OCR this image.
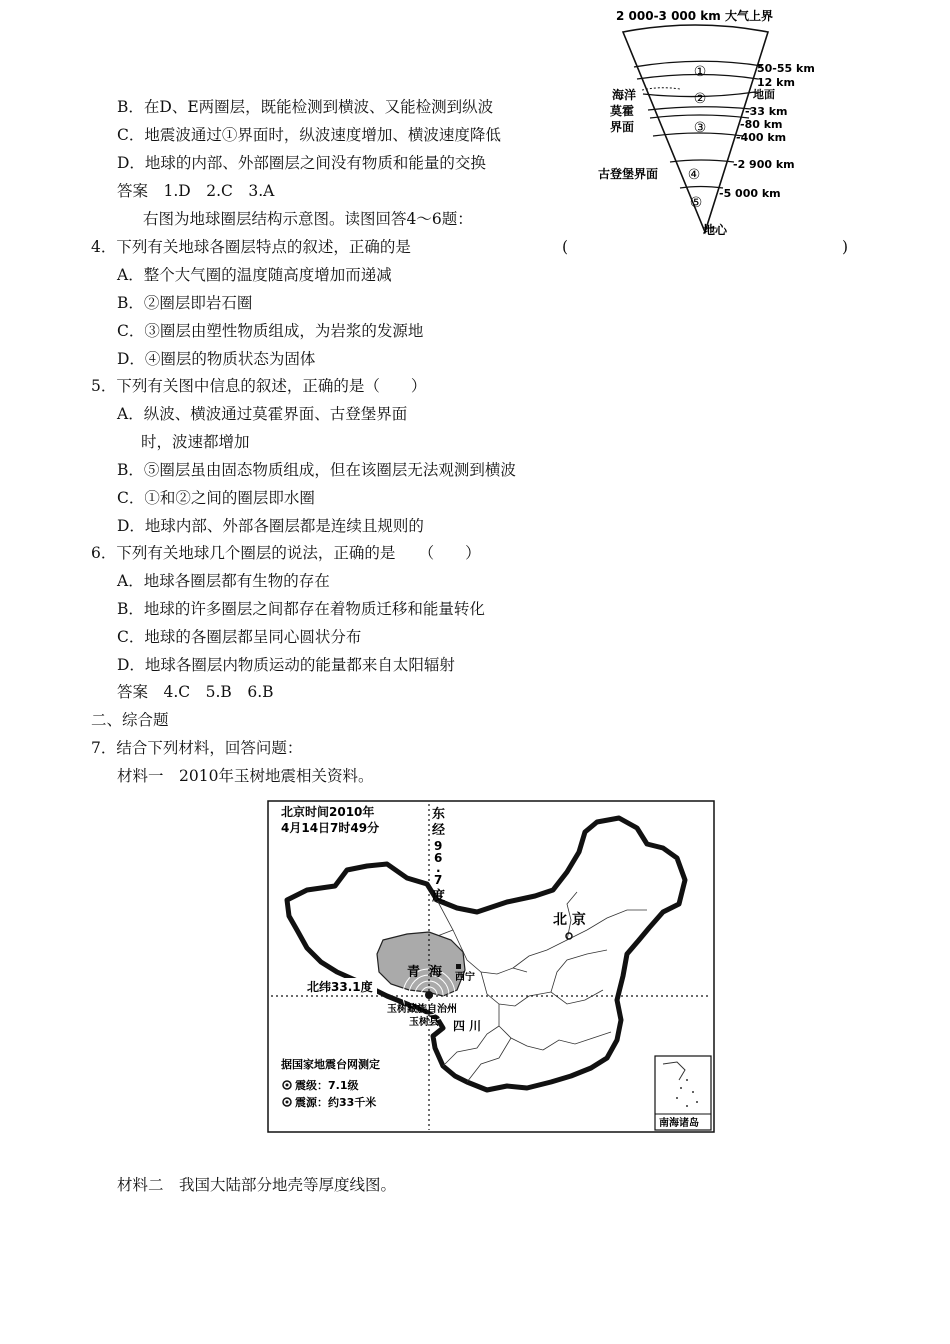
B．在D、E两圈层，既能检测到横波、又能检测到纵波
C．地震波通过①界面时，纵波速度增加、横波速度降低
D．地球的内部、外部圈层之间没有物质和能量的交换
答案　1.D　2.C　3.A
右图为地球圈层结构示意图。读图回答4～6题：
4．下列有关地球各圈层特点的叙述，正确的是	(	)
A．整个大气圈的温度随高度增加而递减
B．②圈层即岩石圈
C．③圈层由塑性物质组成，为岩浆的发源地
D．④圈层的物质状态为固体
5．下列有关图中信息的叙述，正确的是（　　）
A．纵波、横波通过莫霍界面、古登堡界面
时，波速都增加
B．⑤圈层虽由固态物质组成，但在该圈层无法观测到横波
C．①和②之间的圈层即水圈
D．地球内部、外部各圈层都是连续且规则的
6．下列有关地球几个圈层的说法，正确的是　　（　　）
A．地球各圈层都有生物的存在
B．地球的许多圈层之间都存在着物质迁移和能量转化
C．地球的各圈层都呈同心圆状分布
D．地球各圈层内物质运动的能量都来自太阳辐射
答案　4.C　5.B　6.B
二、综合题
7．结合下列材料，回答问题：
材料一　2010年玉树地震相关资料。
材料二　我国大陆部分地壳等厚度线图。
2 000-3 000 km 大气上界
①
②
③
④
⑤
海洋
莫霍
界面
古登堡界面
50-55 km
12 km
地面
-33 km
-80 km
-400 km
-2 900 km
-5 000 km
地心
北京时间2010年
4月14日7时49分
东
经
9
6
.
7
度
北 京
青 海 西宁
北纬33.1度
玉树藏族自治州
玉树县 四 川
据国家地震台网测定
震级：7.1级
震源：约33千米
南海诸岛
